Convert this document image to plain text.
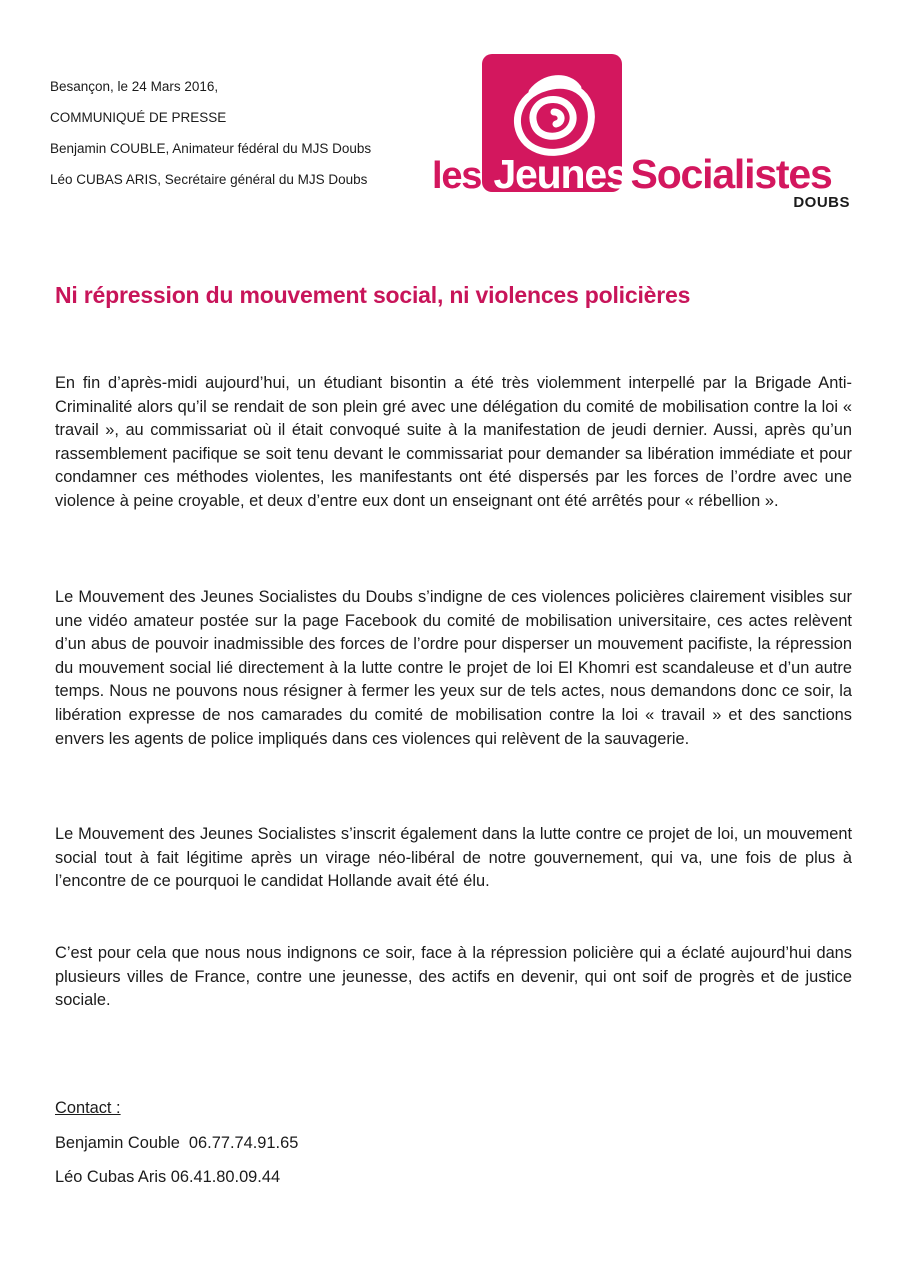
Besançon, le 24 Mars 2016,
COMMUNIQUÉ DE PRESSE
Benjamin COUBLE, Animateur fédéral du MJS Doubs
Léo CUBAS ARIS, Secrétaire général du MJS Doubs	les JeunesSocialistes
DOUBS
Ni répression du mouvement social, ni violences policières

En fin d’après-midi aujourd’hui, un étudiant bisontin a été très violemment interpellé par la Brigade Anti-Criminalité alors qu’il se rendait de son plein gré avec une délégation du comité de mobilisation contre la loi « travail », au commissariat où il était convoqué suite à la manifestation de jeudi dernier. Aussi, après qu’un rassemblement pacifique se soit tenu devant le commissariat pour demander sa libération immédiate et pour condamner ces méthodes violentes, les manifestants ont été dispersés par les forces de l’ordre avec une violence à peine croyable, et deux d’entre eux dont un enseignant ont été arrêtés pour « rébellion ».

Le Mouvement des Jeunes Socialistes du Doubs s’indigne de ces violences policières clairement visibles sur une vidéo amateur postée sur la page Facebook du comité de mobilisation universitaire, ces actes relèvent d’un abus de pouvoir inadmissible des forces de l’ordre pour disperser un mouvement pacifiste, la répression du mouvement social lié directement à la lutte contre le projet de loi El Khomri est scandaleuse et d’un autre temps. Nous ne pouvons nous résigner à fermer les yeux sur de tels actes, nous demandons donc ce soir, la libération expresse de nos camarades du comité de mobilisation contre la loi « travail » et des sanctions envers les agents de police impliqués dans ces violences qui relèvent de la sauvagerie.

Le Mouvement des Jeunes Socialistes s’inscrit également dans la lutte contre ce projet de loi, un mouvement social tout à fait légitime après un virage néo-libéral de notre gouvernement, qui va, une fois de plus à l’encontre de ce pourquoi le candidat Hollande avait été élu.

C’est pour cela que nous nous indignons ce soir, face à la répression policière qui a éclaté aujourd’hui dans plusieurs villes de France, contre une jeunesse, des actifs en devenir, qui ont soif de progrès et de justice sociale.

Contact :
Benjamin Couble  06.77.74.91.65
Léo Cubas Aris 06.41.80.09.44
